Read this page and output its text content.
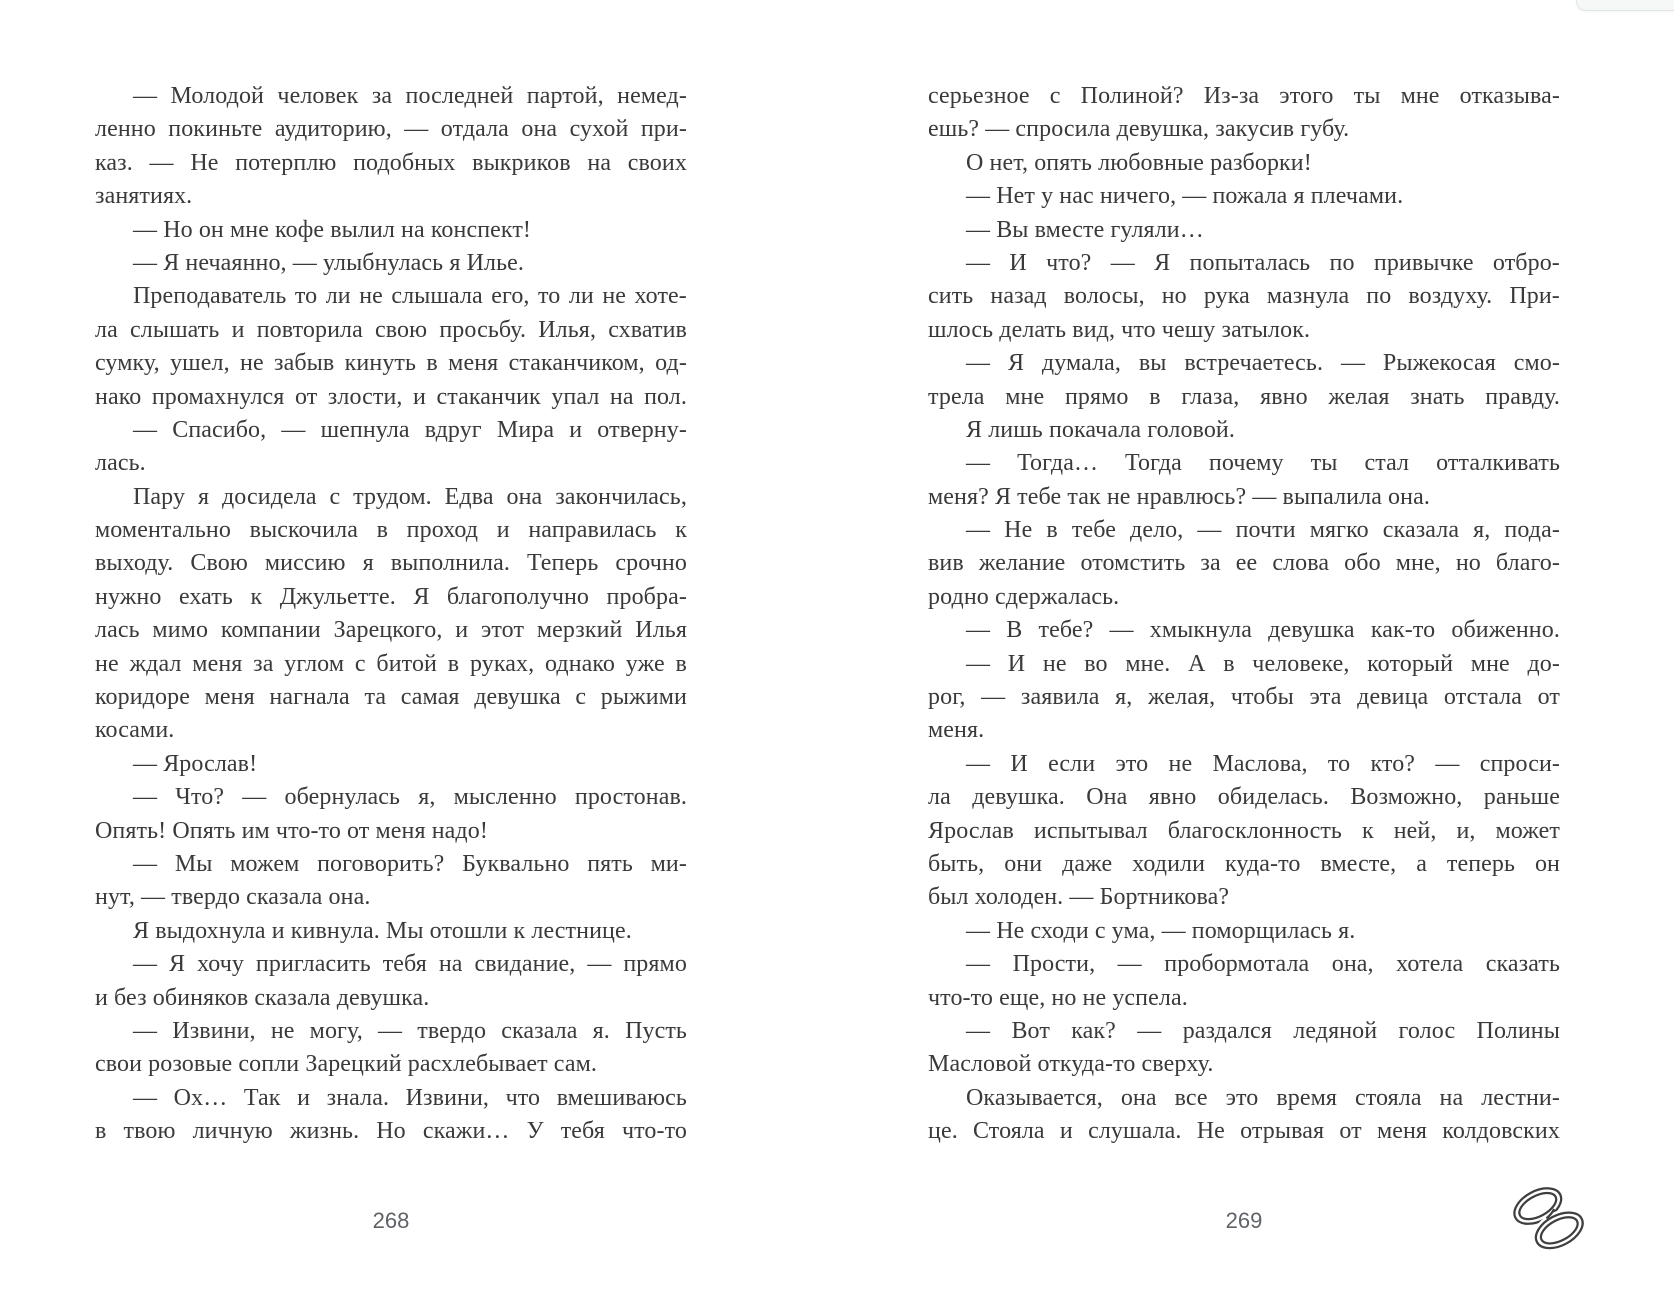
— Молодой человек за последней партой, немед-
ленно покиньте аудиторию, — отдала она сухой при-
каз. — Не потерплю подобных выкриков на своих
занятиях.
— Но он мне кофе вылил на конспект!
— Я нечаянно, — улыбнулась я Илье.
Преподаватель то ли не слышала его, то ли не хоте-
ла слышать и повторила свою просьбу. Илья, схватив
сумку, ушел, не забыв кинуть в меня стаканчиком, од-
нако промахнулся от злости, и стаканчик упал на пол.
— Спасибо, — шепнула вдруг Мира и отверну-
лась.
Пару я досидела с трудом. Едва она закончилась,
моментально выскочила в проход и направилась к
выходу. Свою миссию я выполнила. Теперь срочно
нужно ехать к Джульетте. Я благополучно пробра-
лась мимо компании Зарецкого, и этот мерзкий Илья
не ждал меня за углом с битой в руках, однако уже в
коридоре меня нагнала та самая девушка с рыжими
косами.
— Ярослав!
— Что? — обернулась я, мысленно простонав.
Опять! Опять им что-то от меня надо!
— Мы можем поговорить? Буквально пять ми-
нут, — твердо сказала она.
Я выдохнула и кивнула. Мы отошли к лестнице.
— Я хочу пригласить тебя на свидание, — прямо
и без обиняков сказала девушка.
— Извини, не могу, — твердо сказала я. Пусть
свои розовые сопли Зарецкий расхлебывает сам.
— Ох… Так и знала. Извини, что вмешиваюсь
в твою личную жизнь. Но скажи… У тебя что-то
268
серьезное с Полиной? Из-за этого ты мне отказыва-
ешь? — спросила девушка, закусив губу.
О нет, опять любовные разборки!
— Нет у нас ничего, — пожала я плечами.
— Вы вместе гуляли…
— И что? — Я попыталась по привычке отбро-
сить назад волосы, но рука мазнула по воздуху. При-
шлось делать вид, что чешу затылок.
— Я думала, вы встречаетесь. — Рыжекосая смо-
трела мне прямо в глаза, явно желая знать правду.
Я лишь покачала головой.
— Тогда… Тогда почему ты стал отталкивать
меня? Я тебе так не нравлюсь? — выпалила она.
— Не в тебе дело, — почти мягко сказала я, пода-
вив желание отомстить за ее слова обо мне, но благо-
родно сдержалась.
— В тебе? — хмыкнула девушка как-то обиженно.
— И не во мне. А в человеке, который мне до-
рог, — заявила я, желая, чтобы эта девица отстала от
меня.
— И если это не Маслова, то кто? — спроси-
ла девушка. Она явно обиделась. Возможно, раньше
Ярослав испытывал благосклонность к ней, и, может
быть, они даже ходили куда-то вместе, а теперь он
был холоден. — Бортникова?
— Не сходи с ума, — поморщилась я.
— Прости, — пробормотала она, хотела сказать
что-то еще, но не успела.
— Вот как? — раздался ледяной голос Полины
Масловой откуда-то сверху.
Оказывается, она все это время стояла на лестни-
це. Стояла и слушала. Не отрывая от меня колдовских
269
